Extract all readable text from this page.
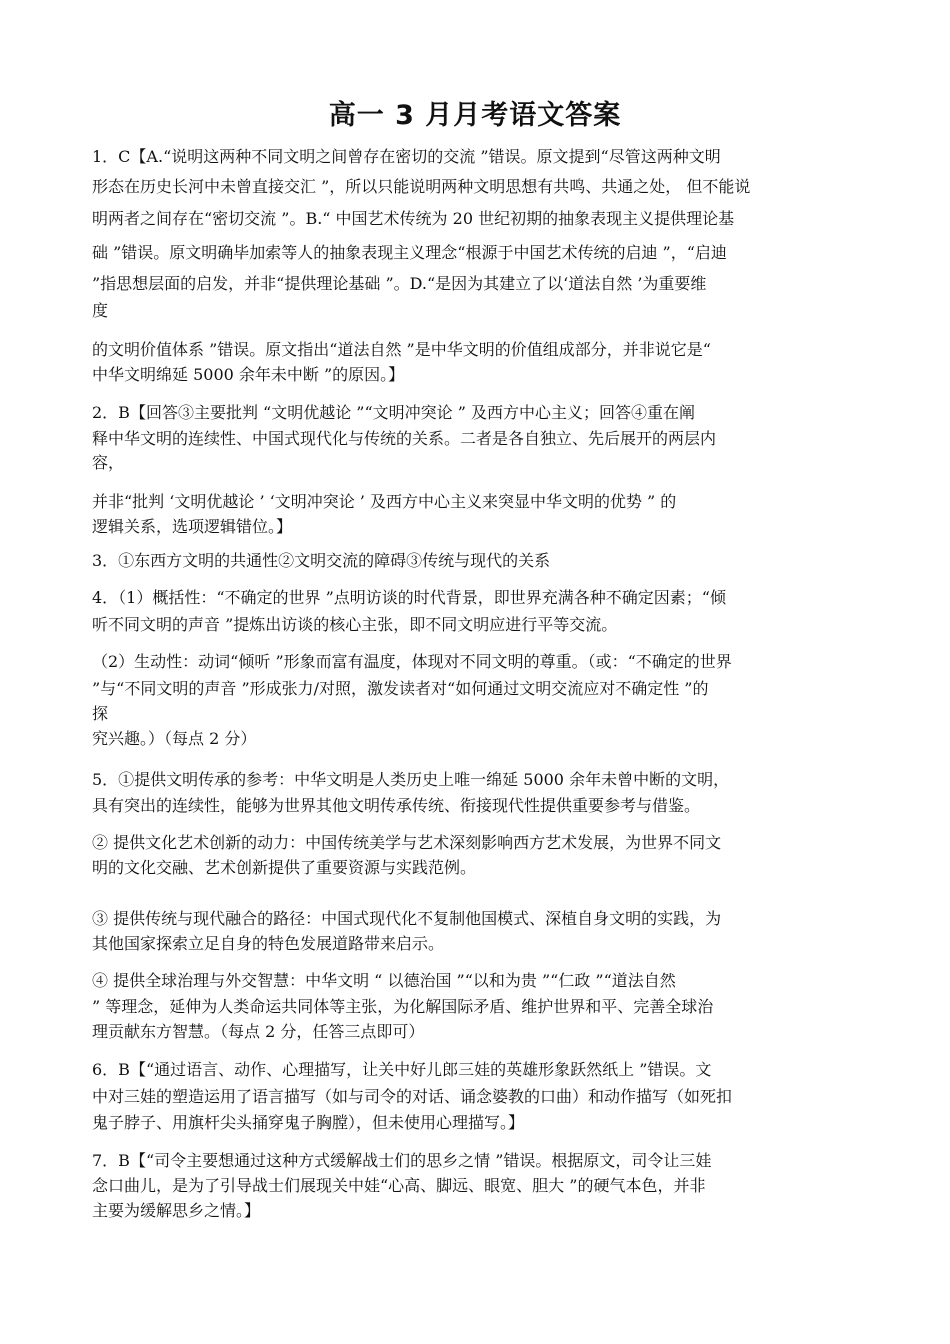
高一 3 月月考语文答案
1．C【A.“说明这两种不同文明之间曾存在密切的交流 ”错误。原文提到“尽管这两种文明
形态在历史长河中未曾直接交汇 ”，所以只能说明两种文明思想有共鸣、共通之处， 但不能说
明两者之间存在“密切交流 ”。B.“ 中国艺术传统为 20 世纪初期的抽象表现主义提供理论基
础 ”错误。原文明确毕加索等人的抽象表现主义理念“根源于中国艺术传统的启迪 ”，“启迪
”指思想层面的启发，并非“提供理论基础 ”。D.“是因为其建立了以‘道法自然 ’为重要维
度
的文明价值体系 ”错误。原文指出“道法自然 ”是中华文明的价值组成部分，并非说它是“
中华文明绵延 5000 余年未中断 ”的原因。】
2．B【回答③主要批判 “文明优越论 ”“文明冲突论 ” 及西方中心主义；回答④重在阐
释中华文明的连续性、中国式现代化与传统的关系。二者是各自独立、先后展开的两层内
容，
并非“批判 ‘文明优越论 ’ ‘文明冲突论 ’ 及西方中心主义来突显中华文明的优势 ” 的
逻辑关系，选项逻辑错位。】
3．①东西方文明的共通性②文明交流的障碍③传统与现代的关系
4．（1）概括性：“不确定的世界 ”点明访谈的时代背景，即世界充满各种不确定因素；“倾
听不同文明的声音 ”提炼出访谈的核心主张，即不同文明应进行平等交流。
（2）生动性：动词“倾听 ”形象而富有温度，体现对不同文明的尊重。（或：“不确定的世界
”与“不同文明的声音 ”形成张力/对照，激发读者对“如何通过文明交流应对不确定性 ”的
探
究兴趣。）（每点 2 分）
5．①提供文明传承的参考：中华文明是人类历史上唯一绵延 5000 余年未曾中断的文明，
具有突出的连续性，能够为世界其他文明传承传统、衔接现代性提供重要参考与借鉴。
② 提供文化艺术创新的动力：中国传统美学与艺术深刻影响西方艺术发展，为世界不同文
明的文化交融、艺术创新提供了重要资源与实践范例。
③ 提供传统与现代融合的路径：中国式现代化不复制他国模式、深植自身文明的实践，为
其他国家探索立足自身的特色发展道路带来启示。
④ 提供全球治理与外交智慧：中华文明 “ 以德治国 ”“以和为贵 ”“仁政 ”“道法自然
” 等理念，延伸为人类命运共同体等主张，为化解国际矛盾、维护世界和平、完善全球治
理贡献东方智慧。（每点 2 分，任答三点即可）
6．B【“通过语言、动作、心理描写，让关中好儿郎三娃的英雄形象跃然纸上 ”错误。文
中对三娃的塑造运用了语言描写（如与司令的对话、诵念婆教的口曲）和动作描写（如死扣
鬼子脖子、用旗杆尖头捅穿鬼子胸膛），但未使用心理描写。】
7．B【“司令主要想通过这种方式缓解战士们的思乡之情 ”错误。根据原文，司令让三娃
念口曲儿，是为了引导战士们展现关中娃“心高、脚远、眼宽、胆大 ”的硬气本色，并非
主要为缓解思乡之情。】
